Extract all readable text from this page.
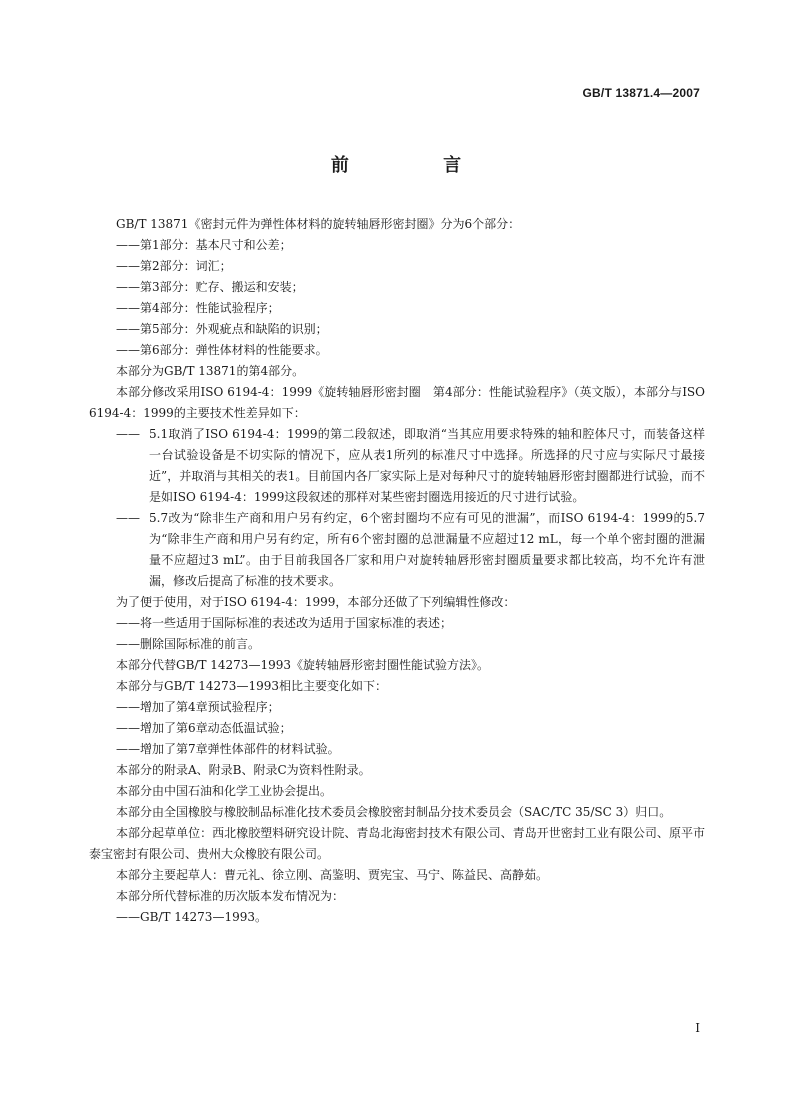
GB/T 13871.4—2007
前 言

GB/T 13871《密封元件为弹性体材料的旋转轴唇形密封圈》分为6个部分：

——第1部分：基本尺寸和公差；

——第2部分：词汇；

——第3部分：贮存、搬运和安装；

——第4部分：性能试验程序；

——第5部分：外观疵点和缺陷的识别；

——第6部分：弹性体材料的性能要求。

本部分为GB/T 13871的第4部分。

本部分修改采用ISO 6194-4：1999《旋转轴唇形密封圈　第4部分：性能试验程序》（英文版），本部分与ISO 6194-4：1999的主要技术性差异如下：

—— 5.1取消了ISO 6194-4：1999的第二段叙述，即取消“当其应用要求特殊的轴和腔体尺寸，而装备这样一台试验设备是不切实际的情况下，应从表1所列的标准尺寸中选择。所选择的尺寸应与实际尺寸最接近”，并取消与其相关的表1。目前国内各厂家实际上是对每种尺寸的旋转轴唇形密封圈都进行试验，而不是如ISO 6194-4：1999这段叙述的那样对某些密封圈选用接近的尺寸进行试验。
—— 5.7改为“除非生产商和用户另有约定，6个密封圈均不应有可见的泄漏”，而ISO 6194-4：1999的5.7为“除非生产商和用户另有约定，所有6个密封圈的总泄漏量不应超过12 mL，每一个单个密封圈的泄漏量不应超过3 mL”。由于目前我国各厂家和用户对旋转轴唇形密封圈质量要求都比较高，均不允许有泄漏，修改后提高了标准的技术要求。

为了便于使用，对于ISO 6194-4：1999，本部分还做了下列编辑性修改：

——将一些适用于国际标准的表述改为适用于国家标准的表述；

——删除国际标准的前言。

本部分代替GB/T 14273—1993《旋转轴唇形密封圈性能试验方法》。

本部分与GB/T 14273—1993相比主要变化如下：

——增加了第4章预试验程序；

——增加了第6章动态低温试验；

——增加了第7章弹性体部件的材料试验。

本部分的附录A、附录B、附录C为资料性附录。

本部分由中国石油和化学工业协会提出。

本部分由全国橡胶与橡胶制品标准化技术委员会橡胶密封制品分技术委员会（SAC/TC 35/SC 3）归口。

本部分起草单位：西北橡胶塑料研究设计院、青岛北海密封技术有限公司、青岛开世密封工业有限公司、原平市泰宝密封有限公司、贵州大众橡胶有限公司。

本部分主要起草人：曹元礼、徐立刚、高鉴明、贾宪宝、马宁、陈益民、高静茹。

本部分所代替标准的历次版本发布情况为：

——GB/T 14273—1993。

I
